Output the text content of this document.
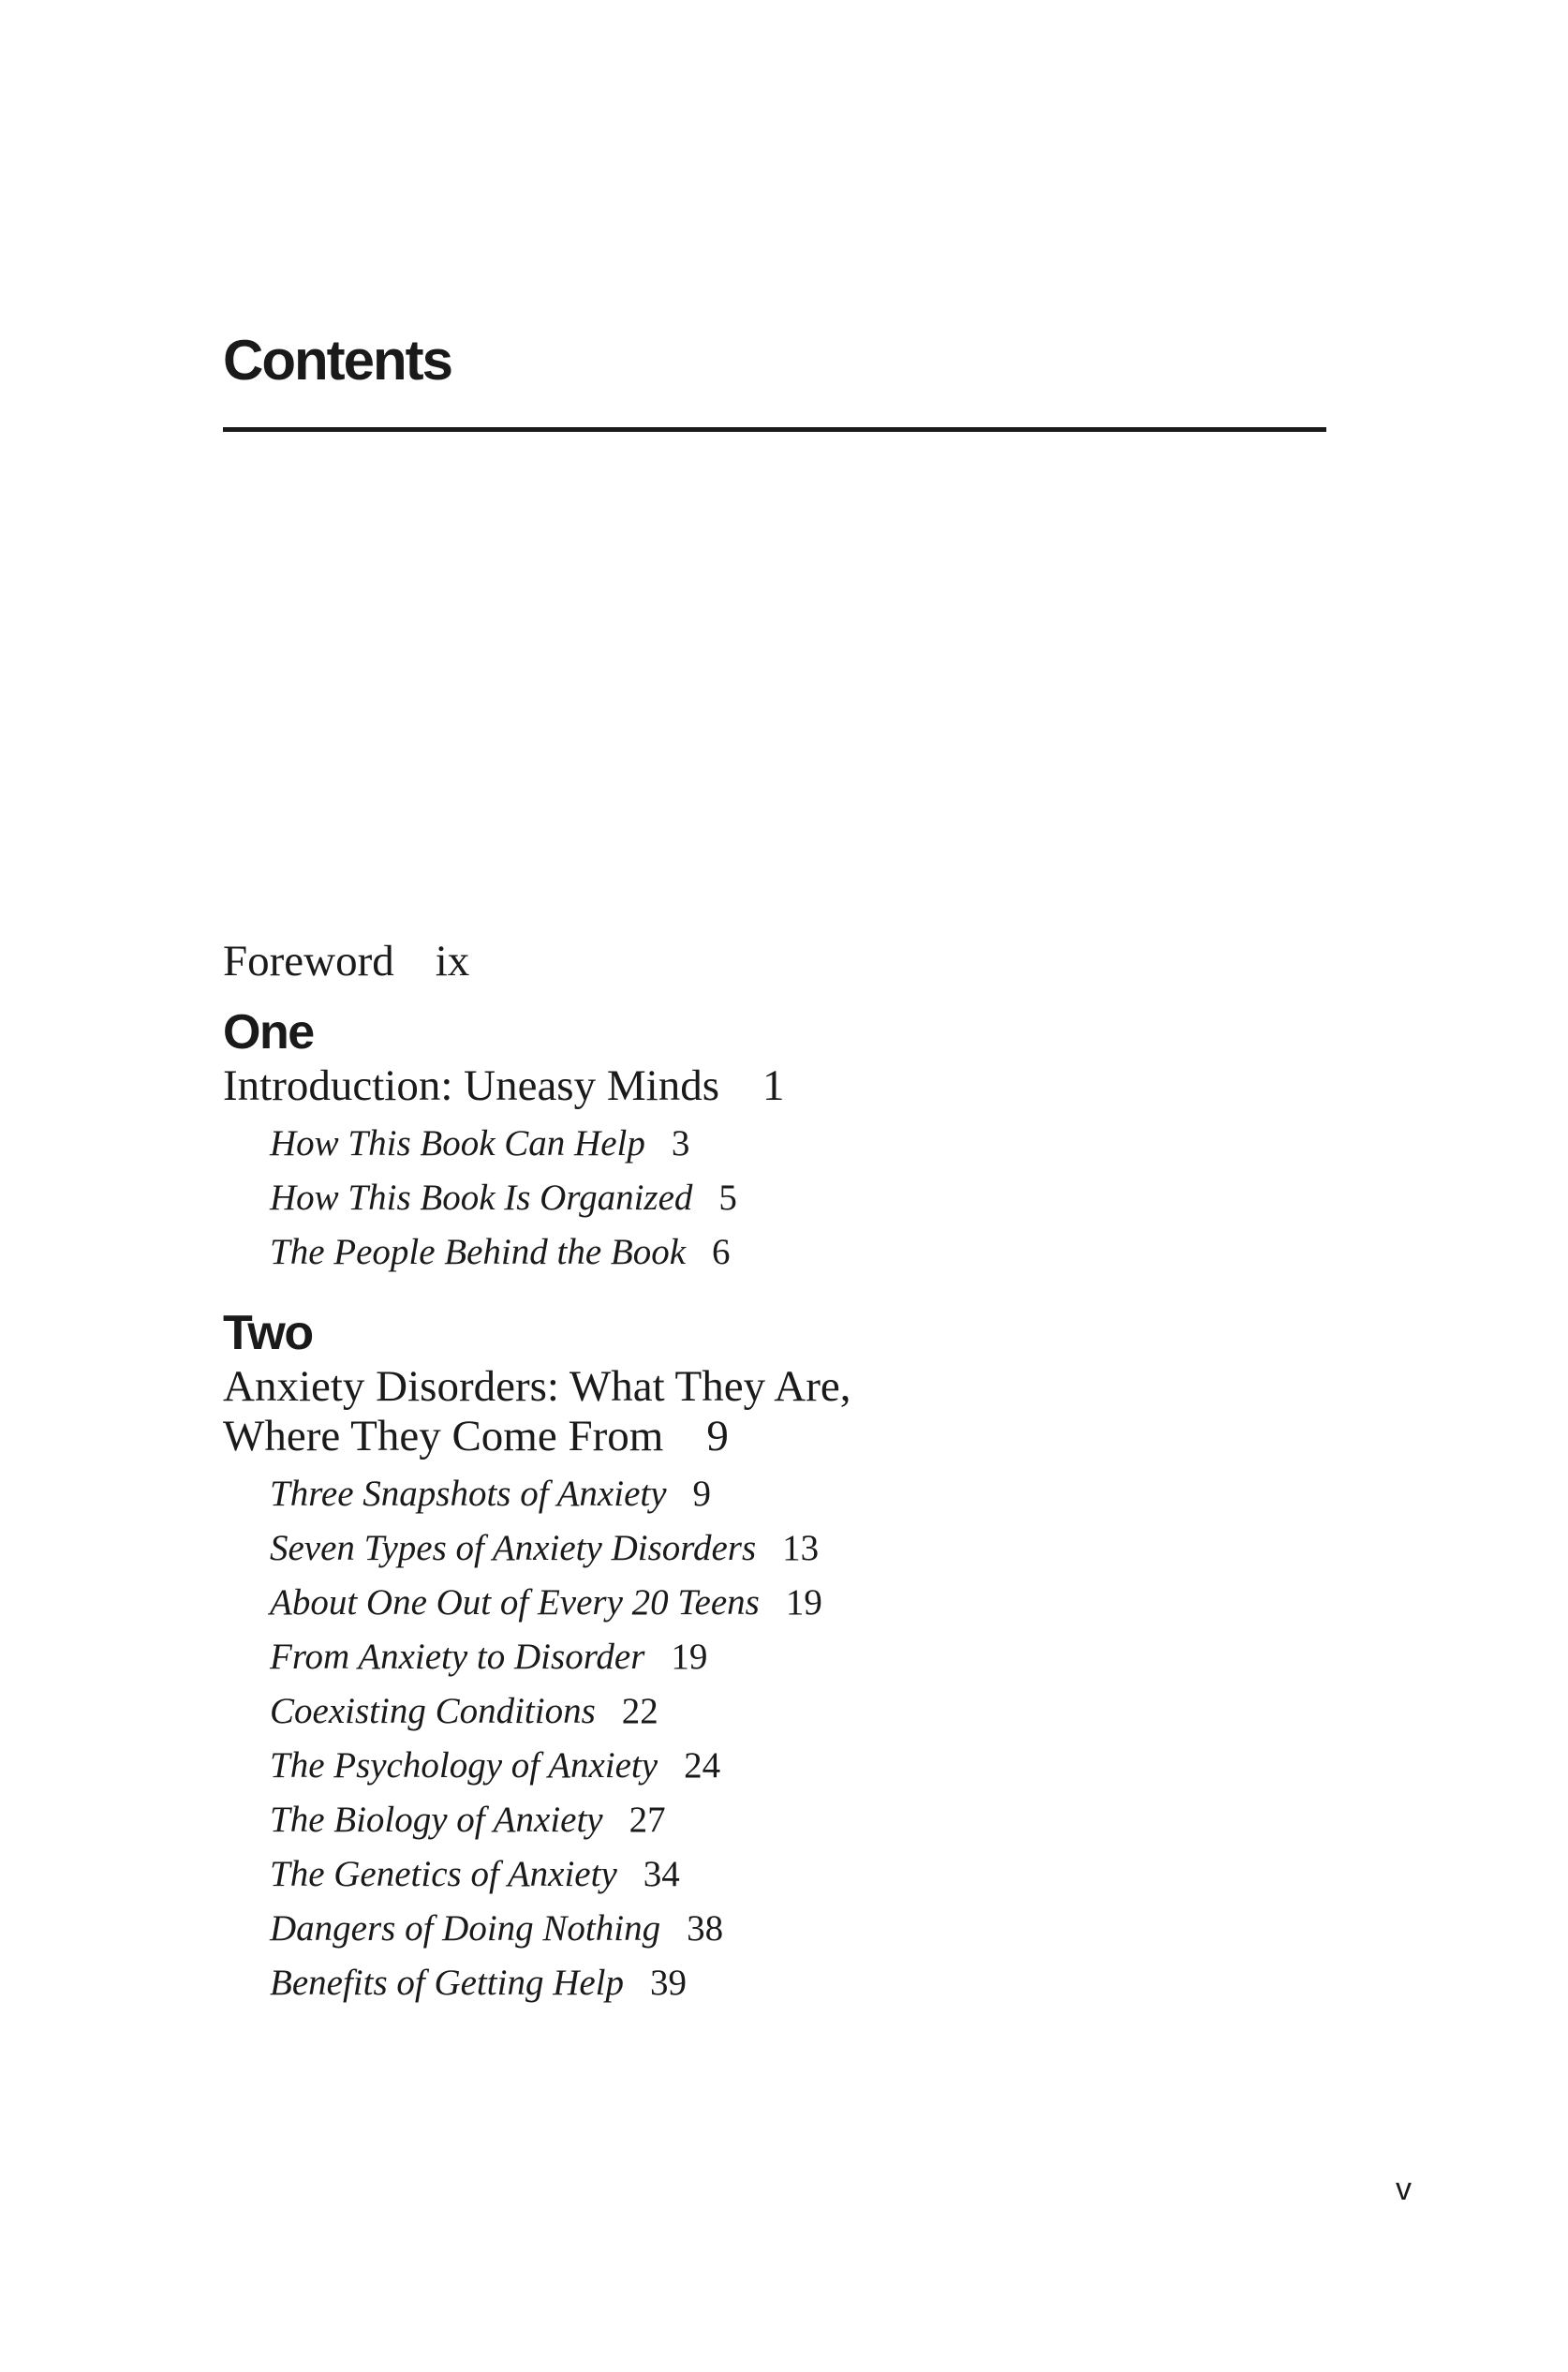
Contents
Foreword ix
One
Introduction: Uneasy Minds 1
How This Book Can Help 3
How This Book Is Organized 5
The People Behind the Book 6
Two
Anxiety Disorders: What They Are,
Where They Come From 9
Three Snapshots of Anxiety 9
Seven Types of Anxiety Disorders 13
About One Out of Every 20 Teens 19
From Anxiety to Disorder 19
Coexisting Conditions 22
The Psychology of Anxiety 24
The Biology of Anxiety 27
The Genetics of Anxiety 34
Dangers of Doing Nothing 38
Benefits of Getting Help 39
v
